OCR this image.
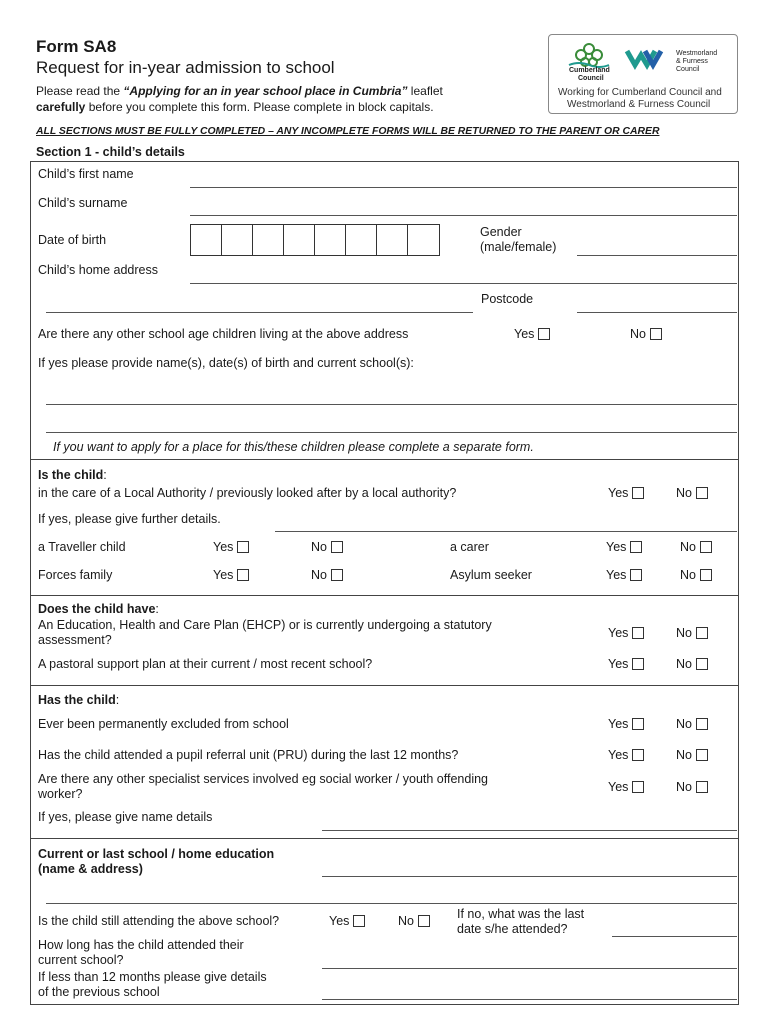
Form SA8
Request for in-year admission to school
Please read the “Applying for an in year school place in Cumbria” leaflet
carefully before you complete this form. Please complete in block capitals.
Cumberland
Council
Westmorland
& Furness
Council
Working for Cumberland Council and
Westmorland & Furness Council
ALL SECTIONS MUST BE FULLY COMPLETED – ANY INCOMPLETE FORMS WILL BE RETURNED TO THE PARENT OR CARER
Section 1 - child’s details
Child’s first name
Child’s surname
Date of birth
Gender
(male/female)
Child’s home address
Postcode
Are there any other school age children living at the above address	Yes	No
If yes please provide name(s), date(s) of birth and current school(s):
If you want to apply for a place for this/these children please complete a separate form.
Is the child:
in the care of a Local Authority / previously looked after by a local authority?	Yes	No
If yes, please give further details.
a Traveller child	Yes	No	a carer	Yes	No
Forces family	Yes	No	Asylum seeker	Yes	No
Does the child have:
An Education, Health and Care Plan (EHCP) or is currently undergoing a statutory
assessment?	Yes	No
A pastoral support plan at their current / most recent school?	Yes	No
Has the child:
Ever been permanently excluded from school	Yes	No
Has the child attended a pupil referral unit (PRU) during the last 12 months?	Yes	No
Are there any other specialist services involved eg social worker / youth offending
worker?	Yes	No
If yes, please give name details
Current or last school / home education
(name & address)
Is the child still attending the above school?	Yes	No	If no, what was the last
date s/he attended?
How long has the child attended their
current school?
If less than 12 months please give details
of the previous school
